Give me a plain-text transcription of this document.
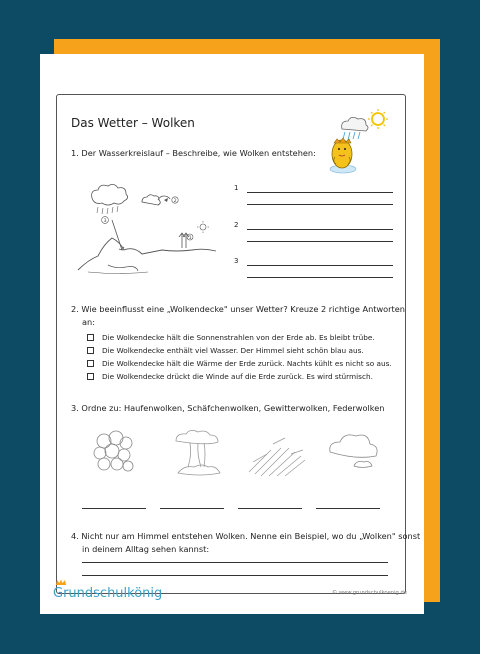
Das Wetter – Wolken
1. Der Wasserkreislauf – Beschreibe, wie Wolken entstehen:
3
2
1
1
2
3
2. Wie beeinflusst eine „Wolkendecke" unser Wetter? Kreuze 2 richtige Antworten
an:
Die Wolkendecke hält die Sonnenstrahlen von der Erde ab. Es bleibt trübe.
Die Wolkendecke enthält viel Wasser. Der Himmel sieht schön blau aus.
Die Wolkendecke hält die Wärme der Erde zurück. Nachts kühlt es nicht so aus.
Die Wolkendecke drückt die Winde auf die Erde zurück. Es wird stürmisch.
3. Ordne zu: Haufenwolken, Schäfchenwolken, Gewitterwolken, Federwolken
4. Nicht nur am Himmel entstehen Wolken. Nenne ein Beispiel, wo du „Wolken" sonst
in deinem Alltag sehen kannst:
Grundschulkönig	© www.grundschulkoenig.de
